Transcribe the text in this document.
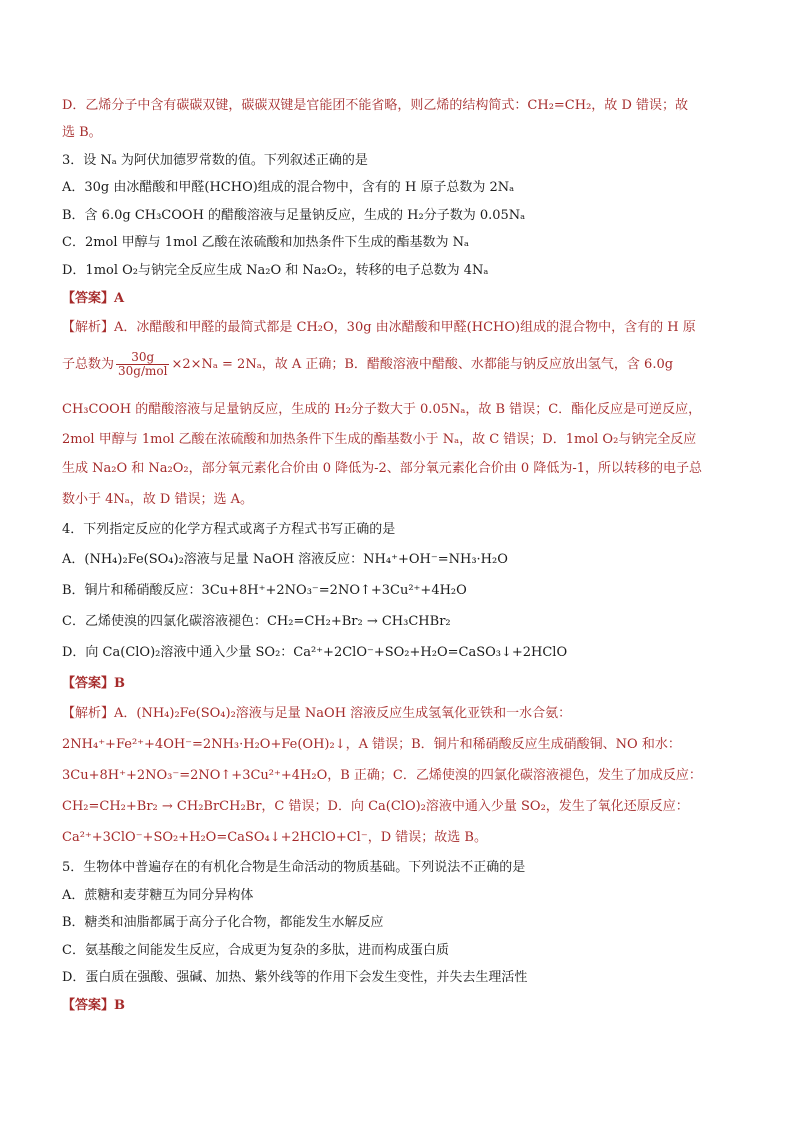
D．乙烯分子中含有碳碳双键，碳碳双键是官能团不能省略，则乙烯的结构简式：CH₂=CH₂，故 D 错误；故
选 B。
3．设 Nₐ 为阿伏加德罗常数的值。下列叙述正确的是
A．30g 由冰醋酸和甲醛(HCHO)组成的混合物中，含有的 H 原子总数为 2Nₐ
B．含 6.0g CH₃COOH 的醋酸溶液与足量钠反应，生成的 H₂分子数为 0.05Nₐ
C．2mol 甲醇与 1mol 乙酸在浓硫酸和加热条件下生成的酯基数为 Nₐ
D．1mol O₂与钠完全反应生成 Na₂O 和 Na₂O₂，转移的电子总数为 4Nₐ
【答案】A
【解析】A．冰醋酸和甲醛的最简式都是 CH₂O，30g 由冰醋酸和甲醛(HCHO)组成的混合物中，含有的 H 原
子总数为 $\frac{30g}{\text{30g/mol}} \times 2\times N_a = 2N_a$，故 A 正确；B．醋酸溶液中醋酸、水都能与钠反应放出氢气，含 6.0g
CH₃COOH 的醋酸溶液与足量钠反应，生成的 H₂分子数大于 0.05Nₐ，故 B 错误；C．酯化反应是可逆反应，
2mol 甲醇与 1mol 乙酸在浓硫酸和加热条件下生成的酯基数小于 Nₐ，故 C 错误；D．1mol O₂与钠完全反应
生成 Na₂O 和 Na₂O₂，部分氧元素化合价由 0 降低为-2、部分氧元素化合价由 0 降低为-1，所以转移的电子总
数小于 4Nₐ，故 D 错误；选 A。
4．下列指定反应的化学方程式或离子方程式书写正确的是
A．(NH₄)₂Fe(SO₄)₂溶液与足量 NaOH 溶液反应：NH₄⁺+OH⁻=NH₃·H₂O
B．铜片和稀硝酸反应：3Cu+8H⁺+2NO₃⁻=2NO↑+3Cu²⁺+4H₂O
C．乙烯使溴的四氯化碳溶液褪色：CH₂=CH₂+Br₂ → CH₃CHBr₂
D．向 Ca(ClO)₂溶液中通入少量 SO₂：Ca²⁺+2ClO⁻+SO₂+H₂O=CaSO₃↓+2HClO
【答案】B
【解析】A．(NH₄)₂Fe(SO₄)₂溶液与足量 NaOH 溶液反应生成氢氧化亚铁和一水合氨：
2NH₄⁺+Fe²⁺+4OH⁻=2NH₃·H₂O+Fe(OH)₂↓，A 错误；B．铜片和稀硝酸反应生成硝酸铜、NO 和水：
3Cu+8H⁺+2NO₃⁻=2NO↑+3Cu²⁺+4H₂O，B 正确；C．乙烯使溴的四氯化碳溶液褪色，发生了加成反应：
CH₂=CH₂+Br₂ → CH₂BrCH₂Br，C 错误；D．向 Ca(ClO)₂溶液中通入少量 SO₂，发生了氧化还原反应：
Ca²⁺+3ClO⁻+SO₂+H₂O=CaSO₄↓+2HClO+Cl⁻，D 错误；故选 B。
5．生物体中普遍存在的有机化合物是生命活动的物质基础。下列说法不正确的是
A．蔗糖和麦芽糖互为同分异构体
B．糖类和油脂都属于高分子化合物，都能发生水解反应
C．氨基酸之间能发生反应，合成更为复杂的多肽，进而构成蛋白质
D．蛋白质在强酸、强碱、加热、紫外线等的作用下会发生变性，并失去生理活性
【答案】B
